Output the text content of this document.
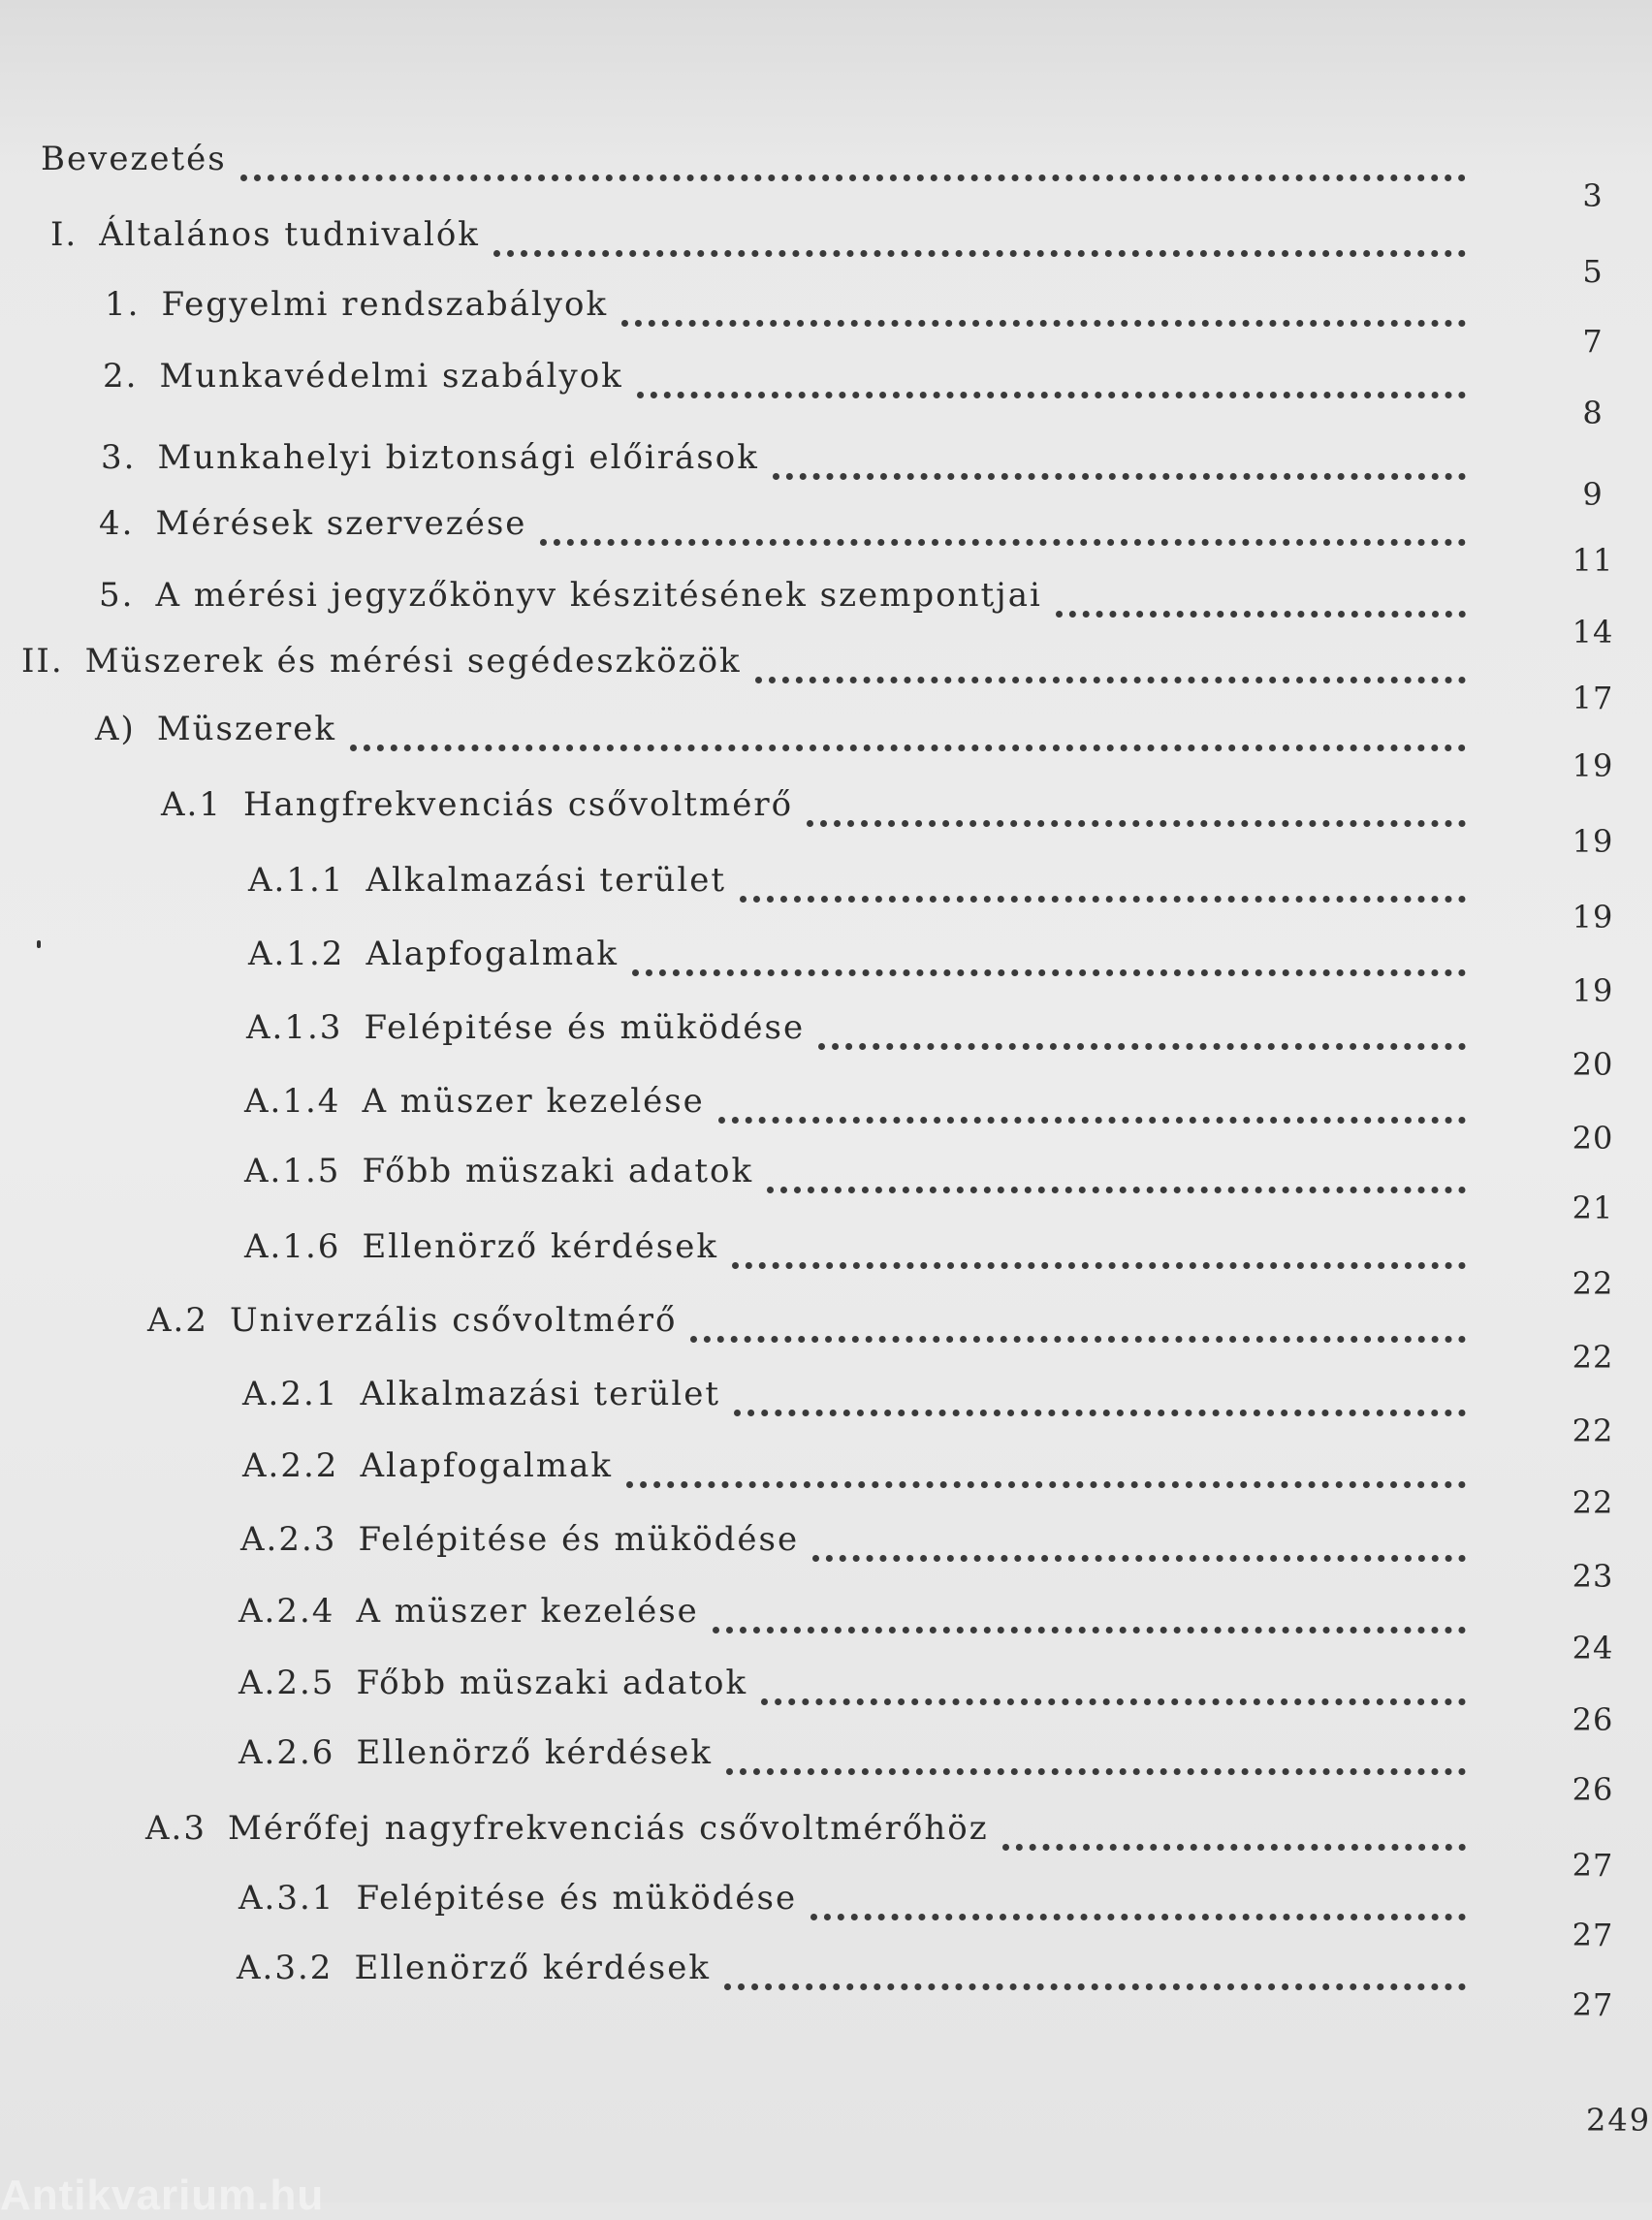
Bevezetés
3
I. Általános tudnivalók
5
1. Fegyelmi rendszabályok
7
2. Munkavédelmi szabályok
8
3. Munkahelyi biztonsági előirások
9
4. Mérések szervezése
11
5. A mérési jegyzőkönyv készitésének szempontjai
14
II. Müszerek és mérési segédeszközök
17
A) Müszerek
19
A.1 Hangfrekvenciás csővoltmérő
19
A.1.1 Alkalmazási terület
19
A.1.2 Alapfogalmak
19
A.1.3 Felépitése és müködése
20
A.1.4 A müszer kezelése
20
A.1.5 Főbb müszaki adatok
21
A.1.6 Ellenörző kérdések
22
A.2 Univerzális csővoltmérő
22
A.2.1 Alkalmazási terület
22
A.2.2 Alapfogalmak
22
A.2.3 Felépitése és müködése
23
A.2.4 A müszer kezelése
24
A.2.5 Főbb müszaki adatok
26
A.2.6 Ellenörző kérdések
26
A.3 Mérőfej nagyfrekvenciás csővoltmérőhöz
27
A.3.1 Felépitése és müködése
27
A.3.2 Ellenörző kérdések
27
249
Antikvarium.hu
